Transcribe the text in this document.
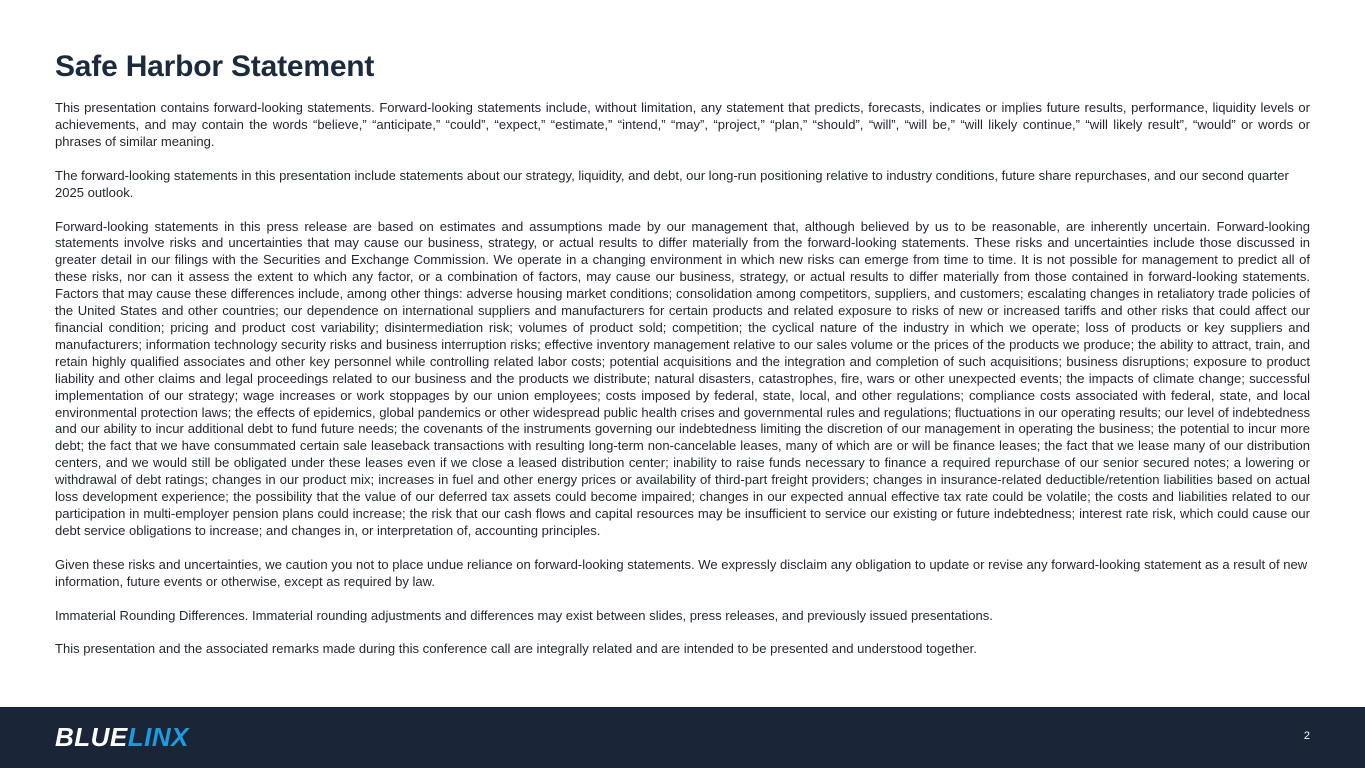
Safe Harbor Statement

This presentation contains forward-looking statements. Forward-looking statements include, without limitation, any statement that predicts, forecasts, indicates or implies future results, performance, liquidity levels or achievements, and may contain the words “believe,” “anticipate,” “could”, “expect,” “estimate,” “intend,” “may”, “project,” “plan,” “should”, “will”, “will be,” “will likely continue,” “will likely result”, “would” or words or phrases of similar meaning.

The forward-looking statements in this presentation include statements about our strategy, liquidity, and debt, our long-run positioning relative to industry conditions, future share repurchases, and our second quarter 2025 outlook.

Forward-looking statements in this press release are based on estimates and assumptions made by our management that, although believed by us to be reasonable, are inherently uncertain. Forward-looking statements involve risks and uncertainties that may cause our business, strategy, or actual results to differ materially from the forward-looking statements. These risks and uncertainties include those discussed in greater detail in our filings with the Securities and Exchange Commission. We operate in a changing environment in which new risks can emerge from time to time. It is not possible for management to predict all of these risks, nor can it assess the extent to which any factor, or a combination of factors, may cause our business, strategy, or actual results to differ materially from those contained in forward-looking statements. Factors that may cause these differences include, among other things: adverse housing market conditions; consolidation among competitors, suppliers, and customers; escalating changes in retaliatory trade policies of the United States and other countries; our dependence on international suppliers and manufacturers for certain products and related exposure to risks of new or increased tariffs and other risks that could affect our financial condition; pricing and product cost variability; disintermediation risk; volumes of product sold; competition; the cyclical nature of the industry in which we operate; loss of products or key suppliers and manufacturers; information technology security risks and business interruption risks; effective inventory management relative to our sales volume or the prices of the products we produce; the ability to attract, train, and retain highly qualified associates and other key personnel while controlling related labor costs; potential acquisitions and the integration and completion of such acquisitions; business disruptions; exposure to product liability and other claims and legal proceedings related to our business and the products we distribute; natural disasters, catastrophes, fire, wars or other unexpected events; the impacts of climate change; successful implementation of our strategy; wage increases or work stoppages by our union employees; costs imposed by federal, state, local, and other regulations; compliance costs associated with federal, state, and local environmental protection laws; the effects of epidemics, global pandemics or other widespread public health crises and governmental rules and regulations; fluctuations in our operating results; our level of indebtedness and our ability to incur additional debt to fund future needs; the covenants of the instruments governing our indebtedness limiting the discretion of our management in operating the business; the potential to incur more debt; the fact that we have consummated certain sale leaseback transactions with resulting long-term non-cancelable leases, many of which are or will be finance leases; the fact that we lease many of our distribution centers, and we would still be obligated under these leases even if we close a leased distribution center; inability to raise funds necessary to finance a required repurchase of our senior secured notes; a lowering or withdrawal of debt ratings; changes in our product mix; increases in fuel and other energy prices or availability of third-part freight providers; changes in insurance-related deductible/retention liabilities based on actual loss development experience; the possibility that the value of our deferred tax assets could become impaired; changes in our expected annual effective tax rate could be volatile; the costs and liabilities related to our participation in multi-employer pension plans could increase; the risk that our cash flows and capital resources may be insufficient to service our existing or future indebtedness; interest rate risk, which could cause our debt service obligations to increase; and changes in, or interpretation of, accounting principles.

Given these risks and uncertainties, we caution you not to place undue reliance on forward-looking statements. We expressly disclaim any obligation to update or revise any forward-looking statement as a result of new information, future events or otherwise, except as required by law.

Immaterial Rounding Differences. Immaterial rounding adjustments and differences may exist between slides, press releases, and previously issued presentations.

This presentation and the associated remarks made during this conference call are integrally related and are intended to be presented and understood together.

BLUELINX	2
